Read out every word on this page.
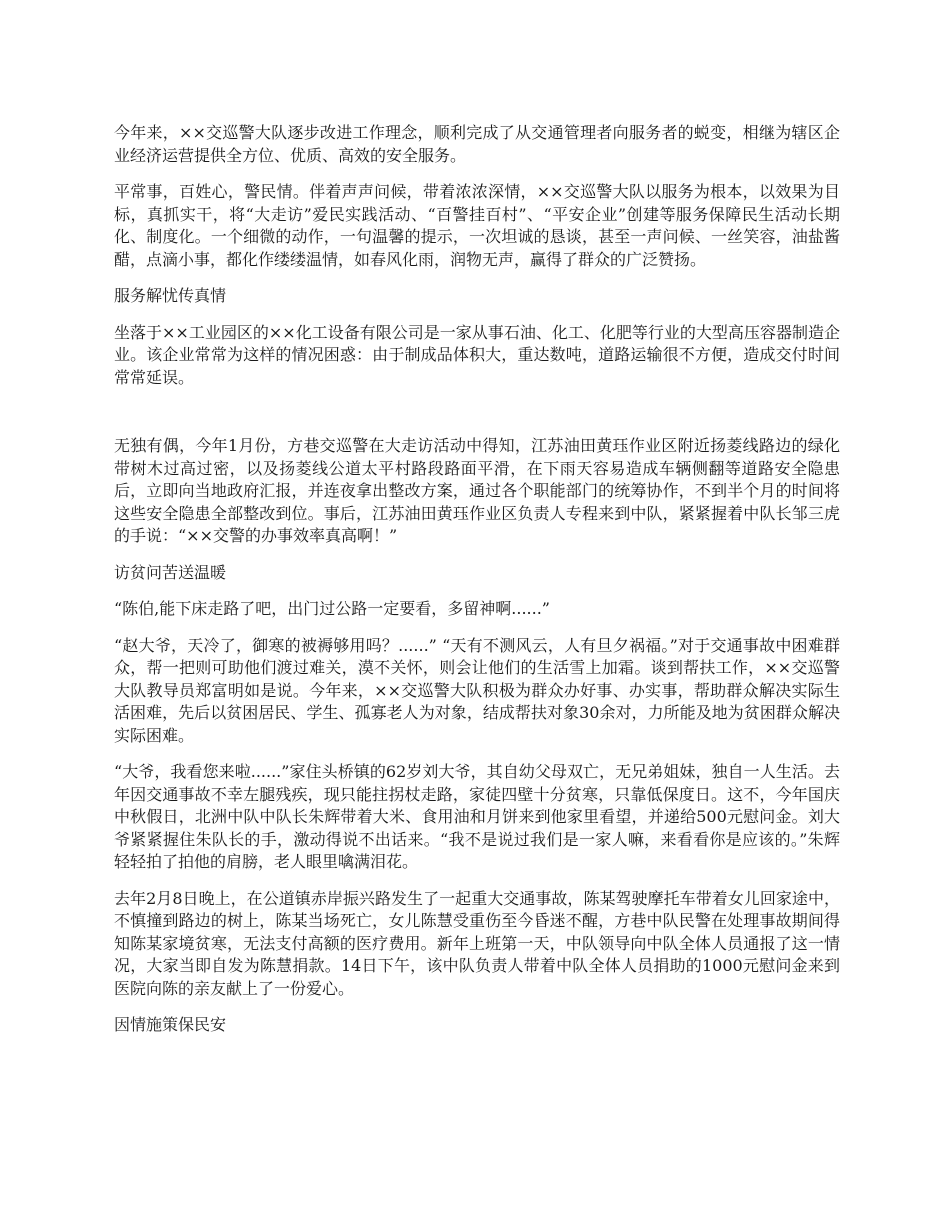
今年来，××交巡警大队逐步改进工作理念，顺利完成了从交通管理者向服务者的蜕变，相继为辖区企业经济运营提供全方位、优质、高效的安全服务。

平常事，百姓心，警民情。伴着声声问候，带着浓浓深情，××交巡警大队以服务为根本，以效果为目标，真抓实干，将“大走访”爱民实践活动、“百警挂百村”、“平安企业”创建等服务保障民生活动长期化、制度化。一个细微的动作，一句温馨的提示，一次坦诚的恳谈，甚至一声问候、一丝笑容，油盐酱醋，点滴小事，都化作缕缕温情，如春风化雨，润物无声，赢得了群众的广泛赞扬。

服务解忧传真情

坐落于××工业园区的××化工设备有限公司是一家从事石油、化工、化肥等行业的大型高压容器制造企业。该企业常常为这样的情况困惑：由于制成品体积大，重达数吨，道路运输很不方便，造成交付时间常常延误。

无独有偶，今年1月份，方巷交巡警在大走访活动中得知，江苏油田黄珏作业区附近扬菱线路边的绿化带树木过高过密，以及扬菱线公道太平村路段路面平滑，在下雨天容易造成车辆侧翻等道路安全隐患后，立即向当地政府汇报，并连夜拿出整改方案，通过各个职能部门的统筹协作，不到半个月的时间将这些安全隐患全部整改到位。事后，江苏油田黄珏作业区负责人专程来到中队，紧紧握着中队长邹三虎的手说：“××交警的办事效率真高啊！”

访贫问苦送温暖

“陈伯,能下床走路了吧，出门过公路一定要看，多留神啊......”

“赵大爷，天冷了，御寒的被褥够用吗？......” “天有不测风云，人有旦夕祸福。”对于交通事故中困难群众，帮一把则可助他们渡过难关，漠不关怀，则会让他们的生活雪上加霜。谈到帮扶工作，××交巡警大队教导员郑富明如是说。今年来，××交巡警大队积极为群众办好事、办实事，帮助群众解决实际生活困难，先后以贫困居民、学生、孤寡老人为对象，结成帮扶对象30余对，力所能及地为贫困群众解决实际困难。

“大爷，我看您来啦......”家住头桥镇的62岁刘大爷，其自幼父母双亡，无兄弟姐妹，独自一人生活。去年因交通事故不幸左腿残疾，现只能拄拐杖走路，家徒四壁十分贫寒，只靠低保度日。这不，今年国庆中秋假日，北洲中队中队长朱辉带着大米、食用油和月饼来到他家里看望，并递给500元慰问金。刘大爷紧紧握住朱队长的手，激动得说不出话来。“我不是说过我们是一家人嘛，来看看你是应该的。”朱辉轻轻拍了拍他的肩膀，老人眼里噙满泪花。

去年2月8日晚上，在公道镇赤岸振兴路发生了一起重大交通事故，陈某驾驶摩托车带着女儿回家途中，不慎撞到路边的树上，陈某当场死亡，女儿陈慧受重伤至今昏迷不醒，方巷中队民警在处理事故期间得知陈某家境贫寒，无法支付高额的医疗费用。新年上班第一天，中队领导向中队全体人员通报了这一情况，大家当即自发为陈慧捐款。14日下午，该中队负责人带着中队全体人员捐助的1000元慰问金来到医院向陈的亲友献上了一份爱心。

因情施策保民安
